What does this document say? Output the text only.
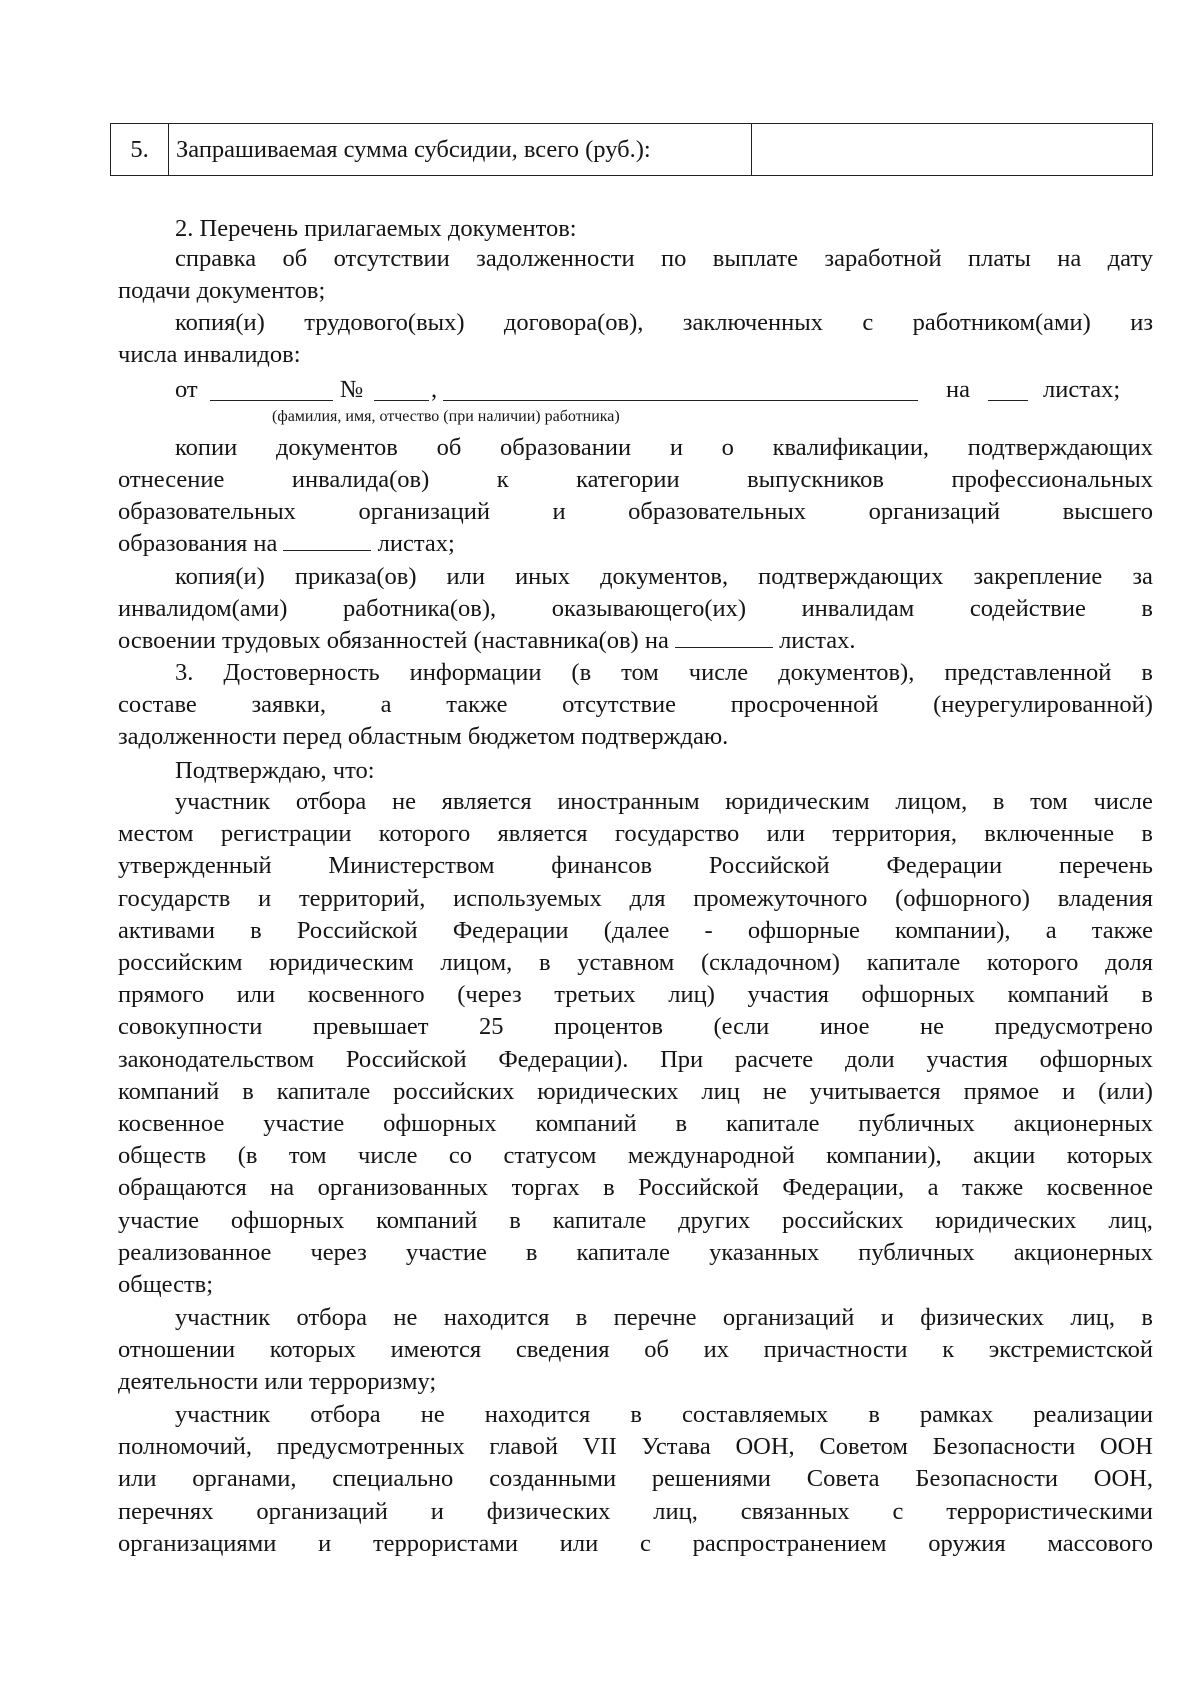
5.	Запрашиваемая сумма субсидии, всего (руб.):
2. Перечень прилагаемых документов:
справка об отсутствии задолженности по выплате заработной платы на дату
подачи документов;
копия(и) трудового(вых) договора(ов), заключенных с работником(ами) из
числа инвалидов:
от	№	,	на	листах;
(фамилия, имя, отчество (при наличии) работника)
копии документов об образовании и о квалификации, подтверждающих
отнесение	инвалида(ов)	к	категории	выпускников	профессиональных
образовательных	организаций	и	образовательных	организаций	высшего
образования на	листах;
копия(и) приказа(ов) или иных документов, подтверждающих закрепление за
инвалидом(ами) работника(ов), оказывающего(их) инвалидам содействие в
освоении трудовых обязанностей (наставника(ов) на	листах.
3. Достоверность информации (в том числе документов), представленной в
составе заявки, а также отсутствие просроченной (неурегулированной)
задолженности перед областным бюджетом подтверждаю.
Подтверждаю, что:
участник отбора не является иностранным юридическим лицом, в том числе
местом регистрации которого является государство или территория, включенные в
утвержденный Министерством финансов Российской Федерации перечень
государств и территорий, используемых для промежуточного (офшорного) владения
активами в Российской Федерации (далее - офшорные компании), а также
российским юридическим лицом, в уставном (складочном) капитале которого доля
прямого или косвенного (через третьих лиц) участия офшорных компаний в
совокупности превышает 25 процентов (если иное не предусмотрено
законодательством Российской Федерации). При расчете доли участия офшорных
компаний в капитале российских юридических лиц не учитывается прямое и (или)
косвенное участие офшорных компаний в капитале публичных акционерных
обществ (в том числе со статусом международной компании), акции которых
обращаются на организованных торгах в Российской Федерации, а также косвенное
участие офшорных компаний в капитале других российских юридических лиц,
реализованное через участие в капитале указанных публичных акционерных
обществ;
участник отбора не находится в перечне организаций и физических лиц, в
отношении которых имеются сведения об их причастности к экстремистской
деятельности или терроризму;
участник отбора не находится в составляемых в рамках реализации
полномочий, предусмотренных главой VII Устава ООН, Советом Безопасности ООН
или органами, специально созданными решениями Совета Безопасности ООН,
перечнях организаций и физических лиц, связанных с террористическими
организациями и террористами или с распространением оружия массового
